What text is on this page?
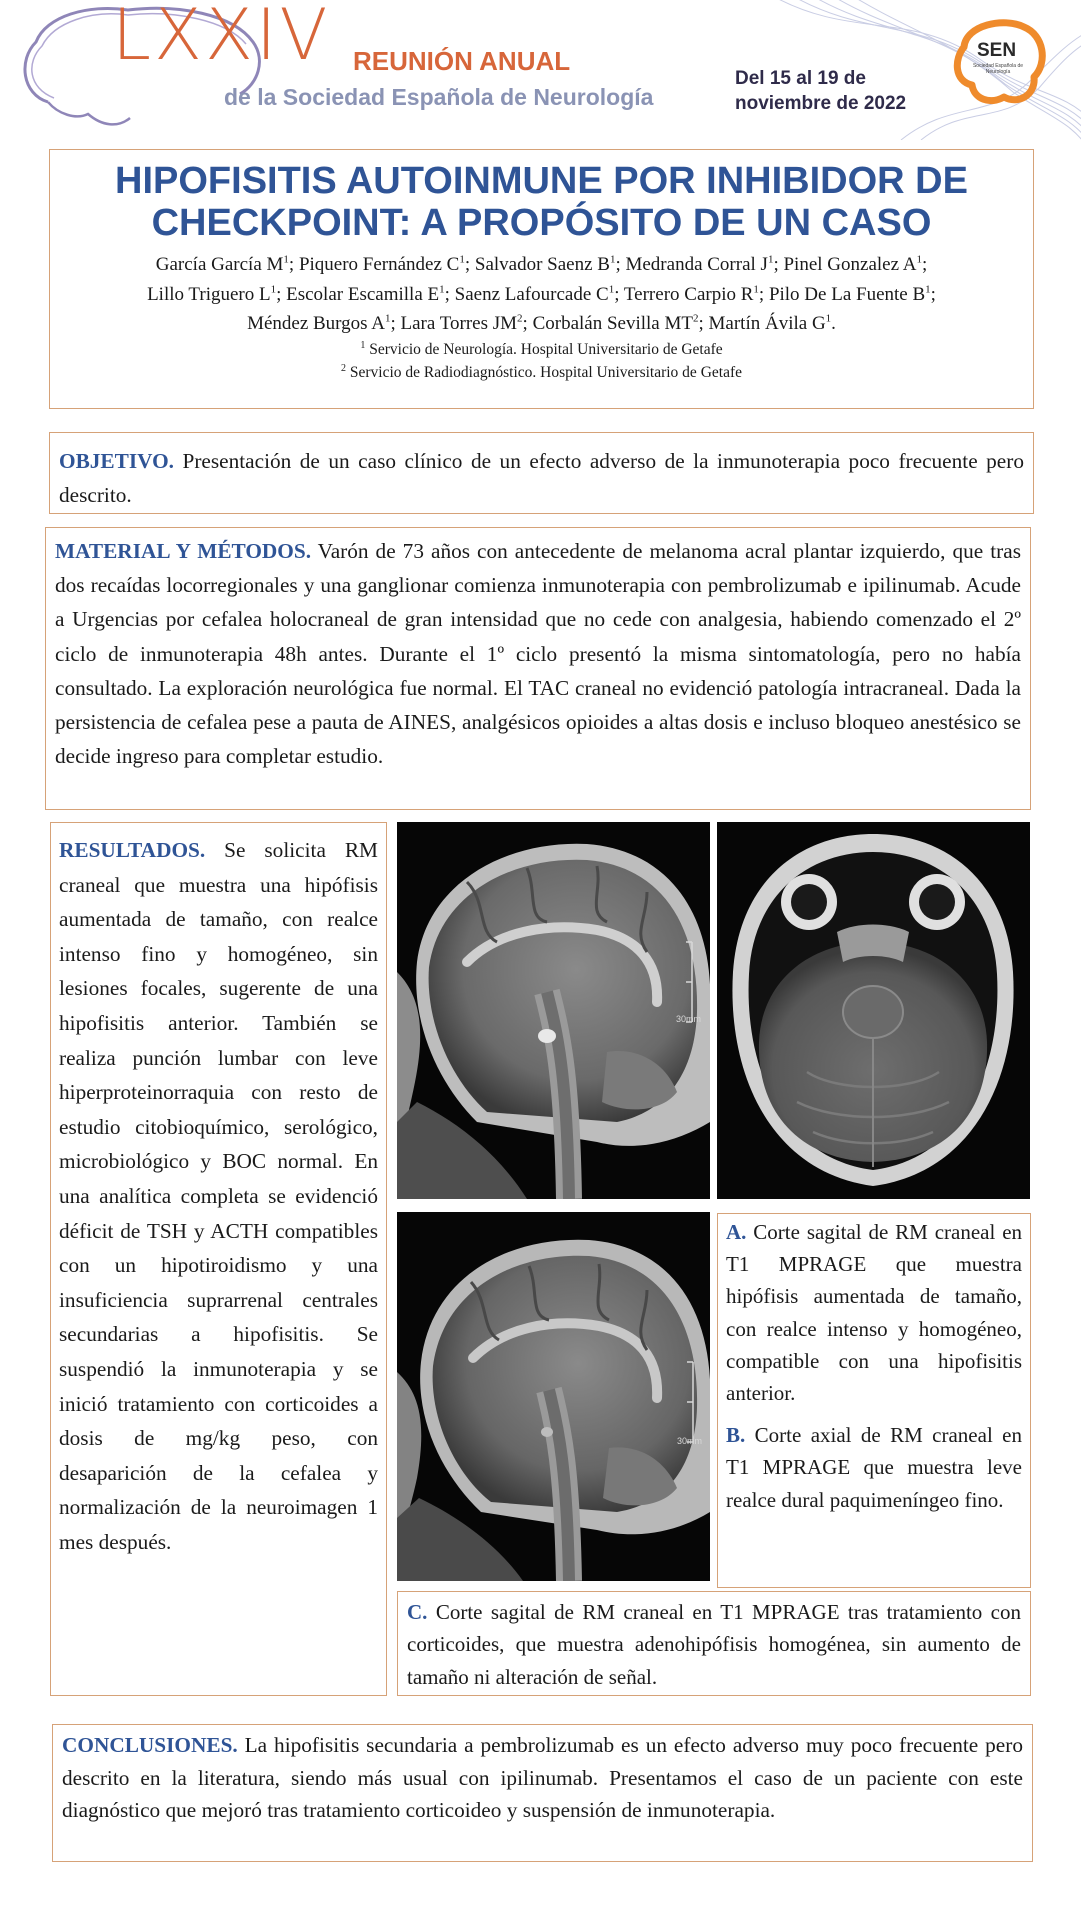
LXXIV REUNIÓN ANUAL
de la Sociedad Española de Neurología
Del 15 al 19 de
noviembre de 2022
SEN
Sociedad Española de Neurología
HIPOFISITIS AUTOINMUNE POR INHIBIDOR DE CHECKPOINT: A PROPÓSITO DE UN CASO
García García $M^1$; Piquero Fernández $C^1$; Salvador Saenz $B^1$; Medranda Corral $J^1$; Pinel Gonzalez $A^1$;
Lillo Triguero $L^1$; Escolar Escamilla $E^1$; Saenz Lafourcade $C^1$; Terrero Carpio $R^1$; Pilo De La Fuente $B^1$;
Méndez Burgos $A^1$; Lara Torres $JM^2$; Corbalán Sevilla $MT^2$; Martín Ávila $G^1$.
$^1$ Servicio de Neurología. Hospital Universitario de Getafe
$^2$ Servicio de Radiodiagnóstico. Hospital Universitario de Getafe

OBJETIVO. Presentación de un caso clínico de un efecto adverso de la inmunoterapia poco frecuente pero descrito.

MATERIAL Y MÉTODOS. Varón de 73 años con antecedente de melanoma acral plantar izquierdo, que tras dos recaídas locorregionales y una ganglionar comienza inmunoterapia con pembrolizumab e ipilinumab. Acude a Urgencias por cefalea holocraneal de gran intensidad que no cede con analgesia, habiendo comenzado el 2º ciclo de inmunoterapia 48h antes. Durante el 1º ciclo presentó la misma sintomatología, pero no había consultado. La exploración neurológica fue normal. El TAC craneal no evidenció patología intracraneal. Dada la persistencia de cefalea pese a pauta de AINES, analgésicos opioides a altas dosis e incluso bloqueo anestésico se decide ingreso para completar estudio.

RESULTADOS. Se solicita RM craneal que muestra una hipófisis aumentada de tamaño, con realce intenso fino y homogéneo, sin lesiones focales, sugerente de una hipofisitis anterior. También se realiza punción lumbar con leve hiperproteinorraquia con resto de estudio citobioquímico, serológico, microbiológico y BOC normal. En una analítica completa se evidenció déficit de TSH y ACTH compatibles con un hipotiroidismo y una insuficiencia suprarrenal centrales secundarias a hipofisitis. Se suspendió la inmunoterapia y se inició tratamiento con corticoides a dosis de mg/kg peso, con desaparición de la cefalea y normalización de la neuroimagen 1 mes después.

30mm
30mm

A. Corte sagital de RM craneal en T1 MPRAGE que muestra hipófisis aumentada de tamaño, con realce intenso y homogéneo, compatible con una hipofisitis anterior.

B. Corte axial de RM craneal en T1 MPRAGE que muestra leve realce dural paquimeníngeo fino.

C. Corte sagital de RM craneal en T1 MPRAGE tras tratamiento con corticoides, que muestra adenohipófisis homogénea, sin aumento de tamaño ni alteración de señal.

CONCLUSIONES. La hipofisitis secundaria a pembrolizumab es un efecto adverso muy poco frecuente pero descrito en la literatura, siendo más usual con ipilinumab. Presentamos el caso de un paciente con este diagnóstico que mejoró tras tratamiento corticoideo y suspensión de inmunoterapia.
